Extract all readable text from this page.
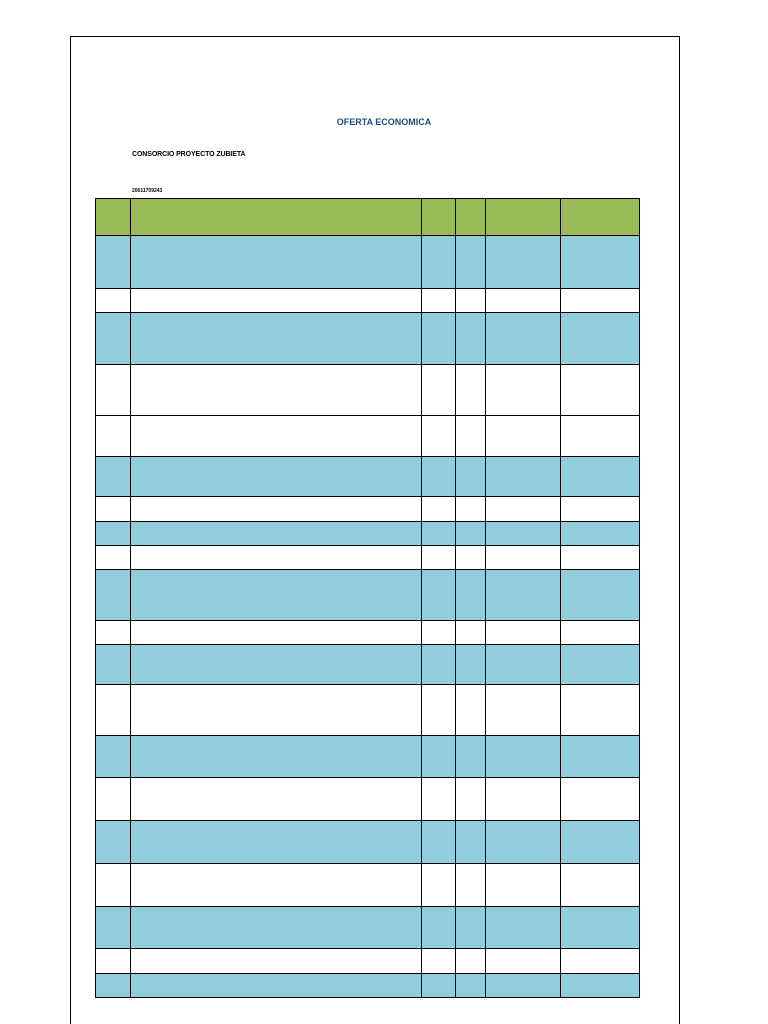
OFERTA ECONOMICA
CONSORCIO PROYECTO ZUBIETA
20611709243
